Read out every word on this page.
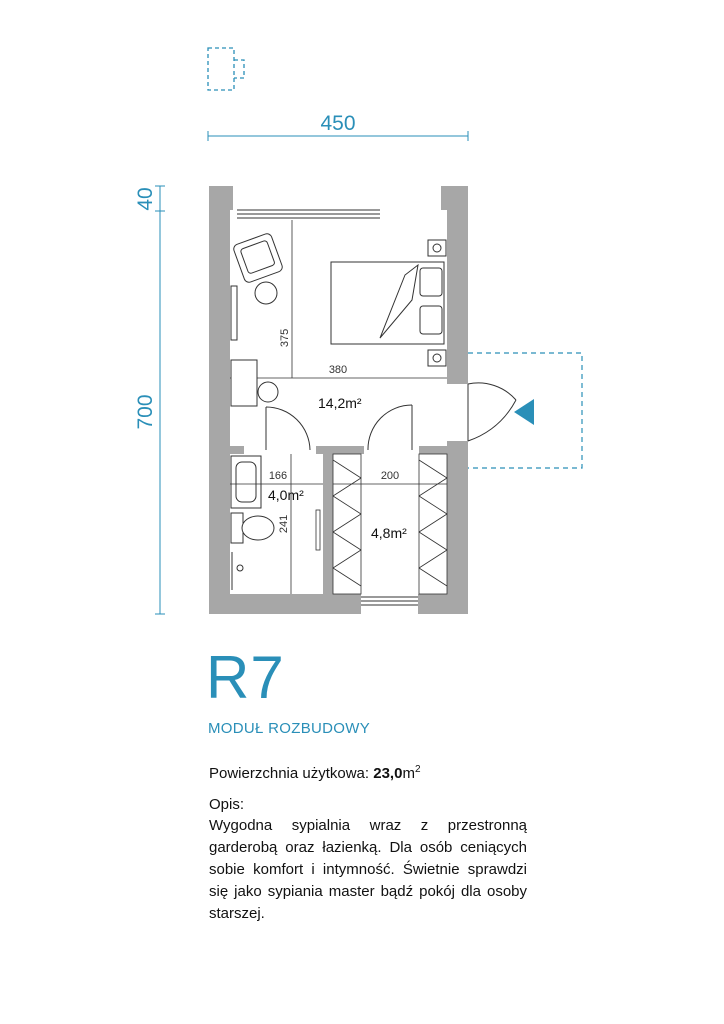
450
40
700
375
380
14,2m²
166
4,0m²
241
200
4,8m²
R7
MODUŁ ROZBUDOWY
Powierzchnia użytkowa: $23,0m^2$
Opis:
Wygodna sypialnia wraz z przestronną garderobą oraz łazienką. Dla osób ceniących sobie komfort i intymność. Świetnie sprawdzi się jako sypiania master bądź pokój dla osoby starszej.
